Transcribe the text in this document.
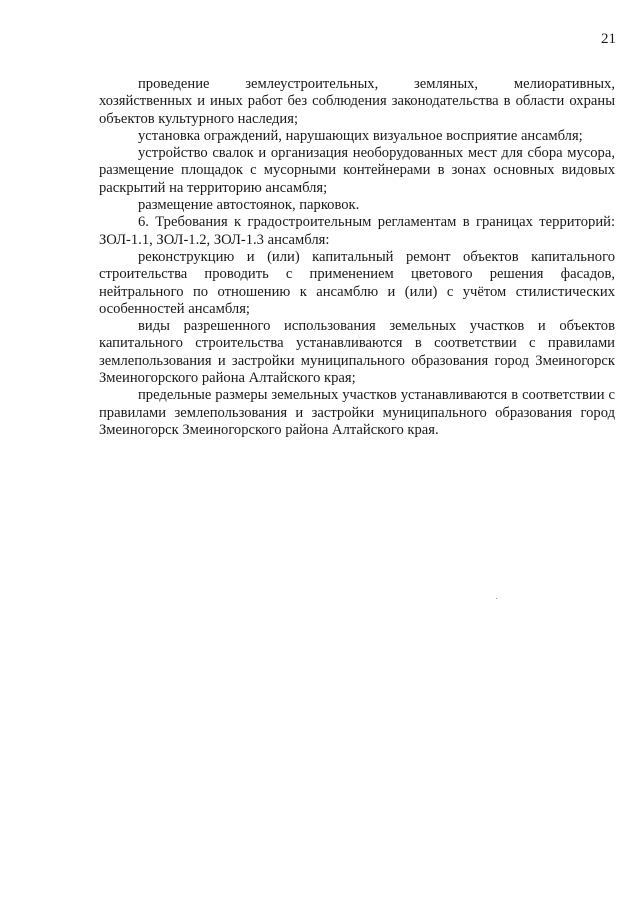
21

проведение землеустроительных, земляных, мелиоративных, хозяйственных и иных работ без соблюдения законодательства в области охраны объектов культурного наследия;

установка ограждений, нарушающих визуальное восприятие ансамбля;

устройство свалок и организация необорудованных мест для сбора мусора, размещение площадок с мусорными контейнерами в зонах основных видовых раскрытий на территорию ансамбля;

размещение автостоянок, парковок.

6. Требования к градостроительным регламентам в границах территорий: ЗОЛ-1.1, ЗОЛ-1.2, ЗОЛ-1.3 ансамбля:

реконструкцию и (или) капитальный ремонт объектов капитального строительства проводить с применением цветового решения фасадов, нейтрального по отношению к ансамблю и (или) с учётом стилистических особенностей ансамбля;

виды разрешенного использования земельных участков и объектов капитального строительства устанавливаются в соответствии с правилами землепользования и застройки муниципального образования город Змеиногорск Змеиногорского района Алтайского края;

предельные размеры земельных участков устанавливаются в соответствии с правилами землепользования и застройки муниципального образования город Змеиногорск Змеиногорского района Алтайского края.
